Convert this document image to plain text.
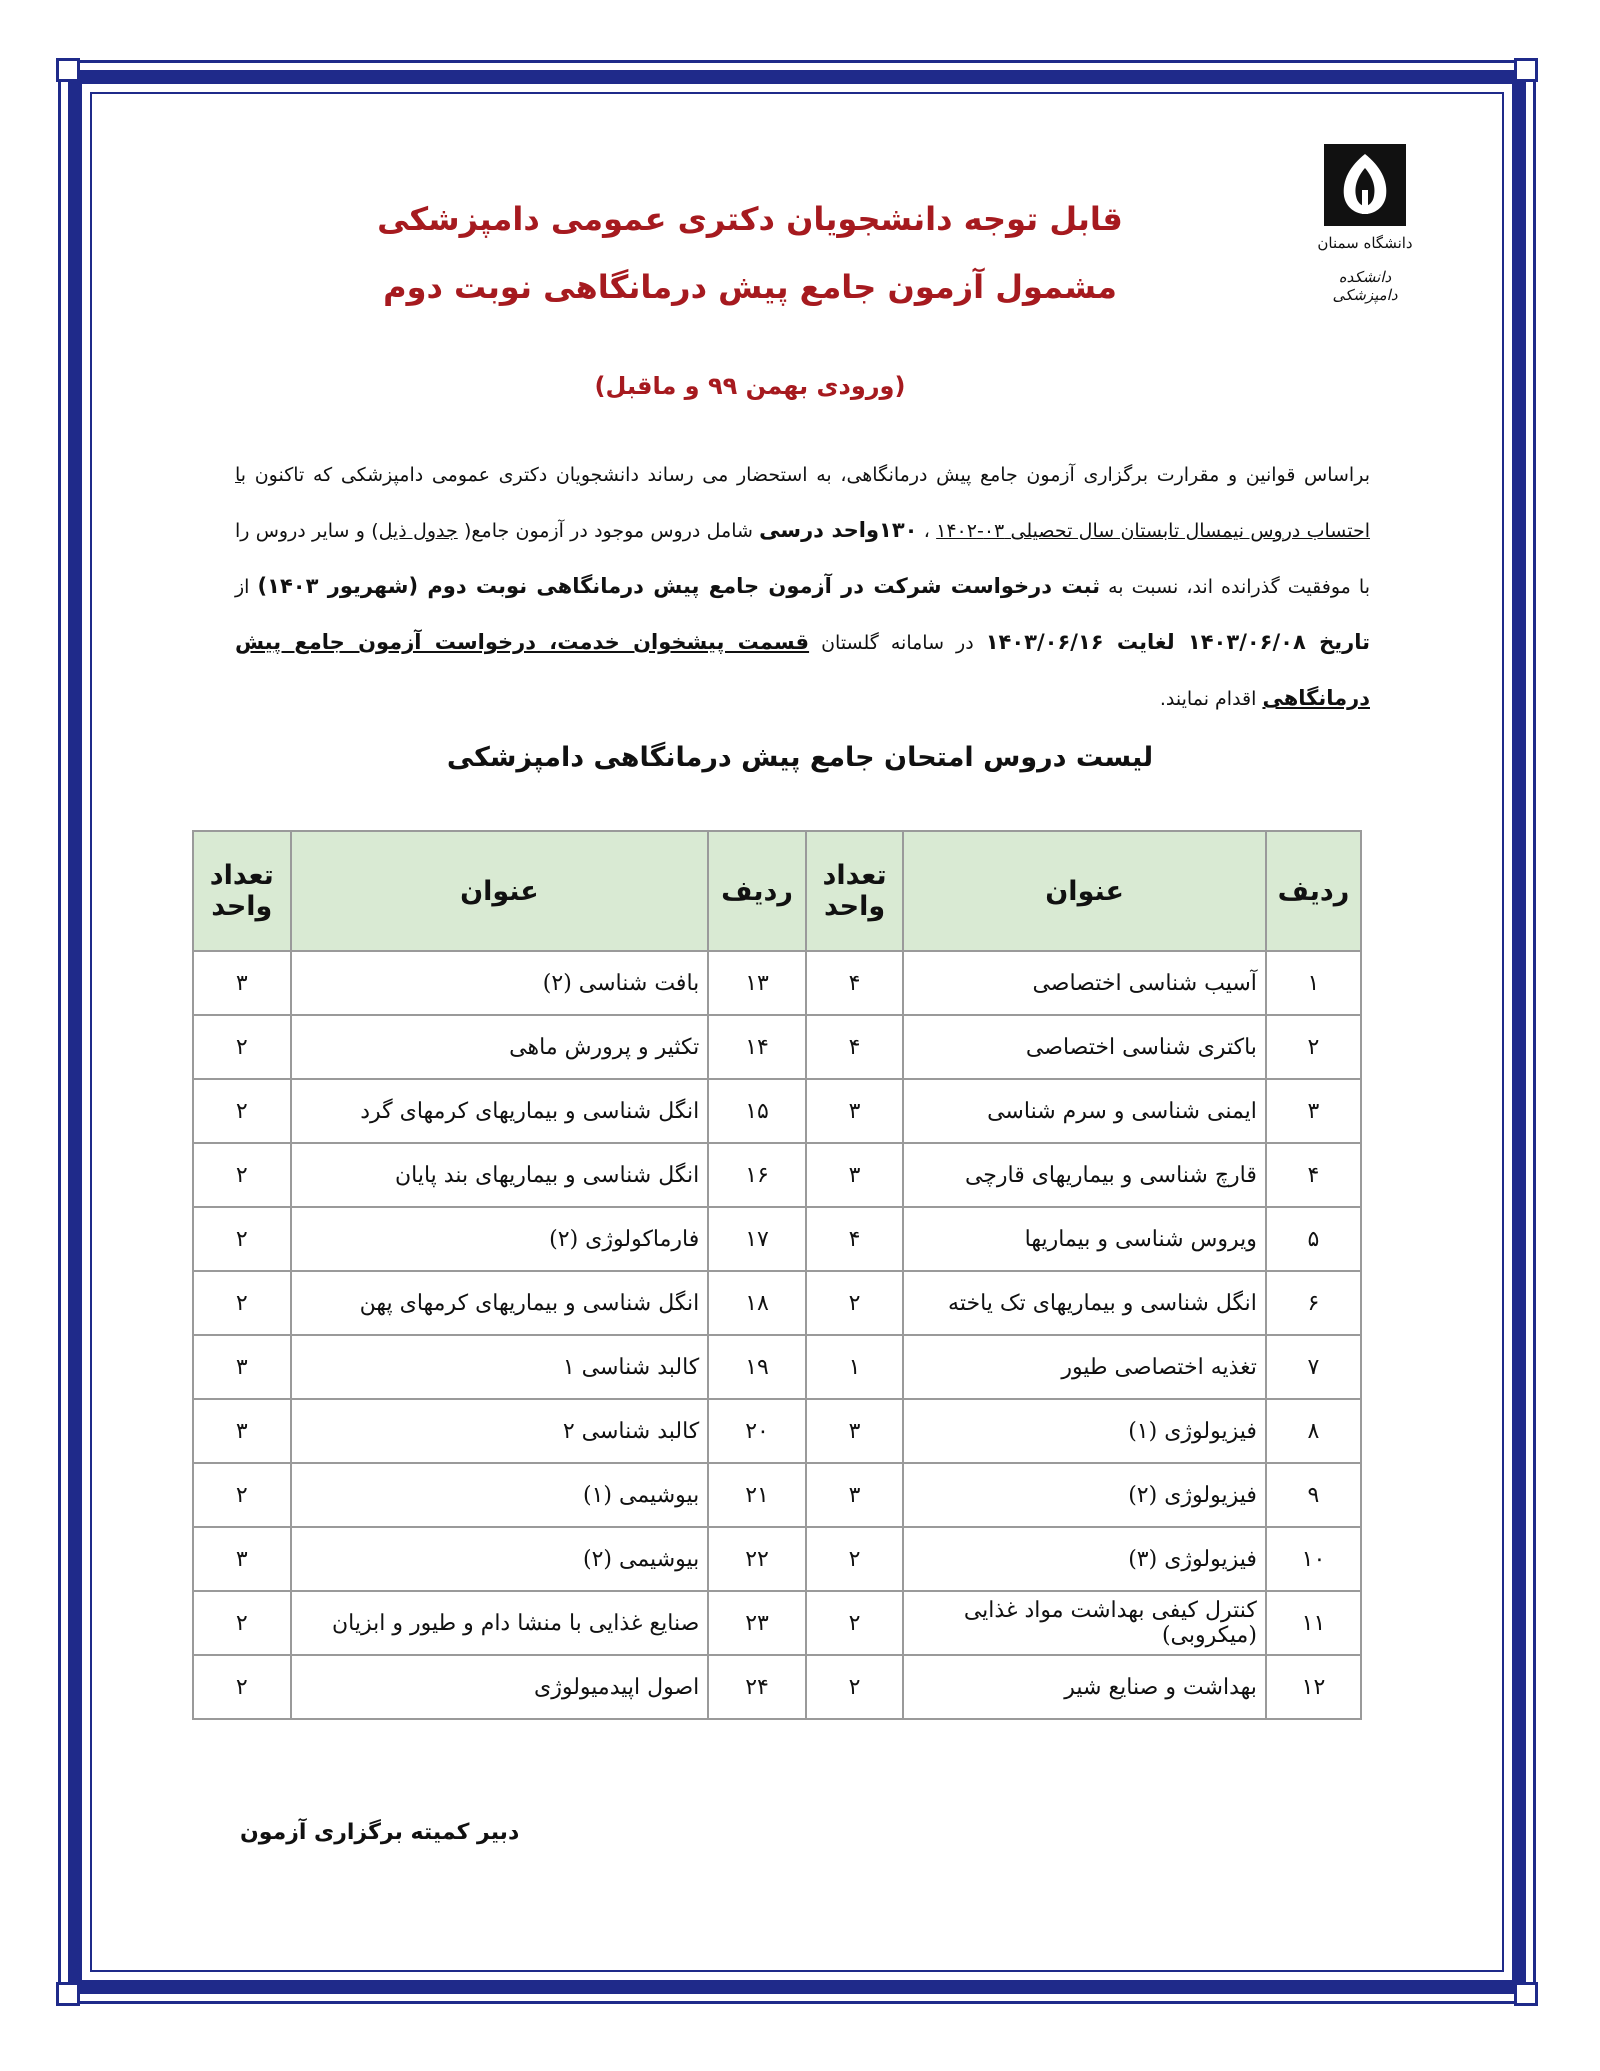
دانشگاه سمنان
دانشکده دامپزشکی
قابل توجه دانشجویان دکتری عمومی دامپزشکی
مشمول آزمون جامع پیش درمانگاهی نوبت دوم
(ورودی بهمن ۹۹ و ماقبل)
براساس قوانین و مقرارت برگزاری آزمون جامع پیش درمانگاهی، به استحضار می رساند دانشجویان دکتری عمومی دامپزشکی که تاکنون با احتساب دروس نیمسال تابستان سال تحصیلی ۰۳-۱۴۰۲ ، ۱۳۰واحد درسی شامل دروس موجود در آزمون جامع( جدول ذیل) و سایر دروس را با موفقیت گذرانده اند، نسبت به ثبت درخواست شرکت در آزمون جامع پیش درمانگاهی نوبت دوم (شهریور ۱۴۰۳) از تاریخ ۱۴۰۳/۰۶/۰۸ لغایت ۱۴۰۳/۰۶/۱۶ در سامانه گلستان قسمت پیشخوان خدمت، درخواست آزمون جامع پیش درمانگاهی اقدام نمایند.
لیست دروس امتحان جامع پیش درمانگاهی دامپزشکی
ردیف	عنوان	تعداد واحد	ردیف	عنوان	تعداد واحد
۱	آسیب شناسی اختصاصی	۴	۱۳	بافت شناسی (۲)	۳
۲	باکتری شناسی اختصاصی	۴	۱۴	تکثیر و پرورش ماهی	۲
۳	ایمنی شناسی و سرم شناسی	۳	۱۵	انگل شناسی و بیماریهای کرمهای گرد	۲
۴	قارچ شناسی و بیماریهای قارچی	۳	۱۶	انگل شناسی و بیماریهای بند پایان	۲
۵	ویروس شناسی و بیماریها	۴	۱۷	فارماکولوژی (۲)	۲
۶	انگل شناسی و بیماریهای تک یاخته	۲	۱۸	انگل شناسی و بیماریهای کرمهای پهن	۲
۷	تغذیه اختصاصی طیور	۱	۱۹	کالبد شناسی ۱	۳
۸	فیزیولوژی (۱)	۳	۲۰	کالبد شناسی ۲	۳
۹	فیزیولوژی (۲)	۳	۲۱	بیوشیمی (۱)	۲
۱۰	فیزیولوژی (۳)	۲	۲۲	بیوشیمی (۲)	۳
۱۱	کنترل کیفی بهداشت مواد غذایی (میکروبی)	۲	۲۳	صنایع غذایی با منشا دام و طیور و ابزیان	۲
۱۲	بهداشت و صنایع شیر	۲	۲۴	اصول اپیدمیولوژی	۲
دبیر کمیته برگزاری آزمون
